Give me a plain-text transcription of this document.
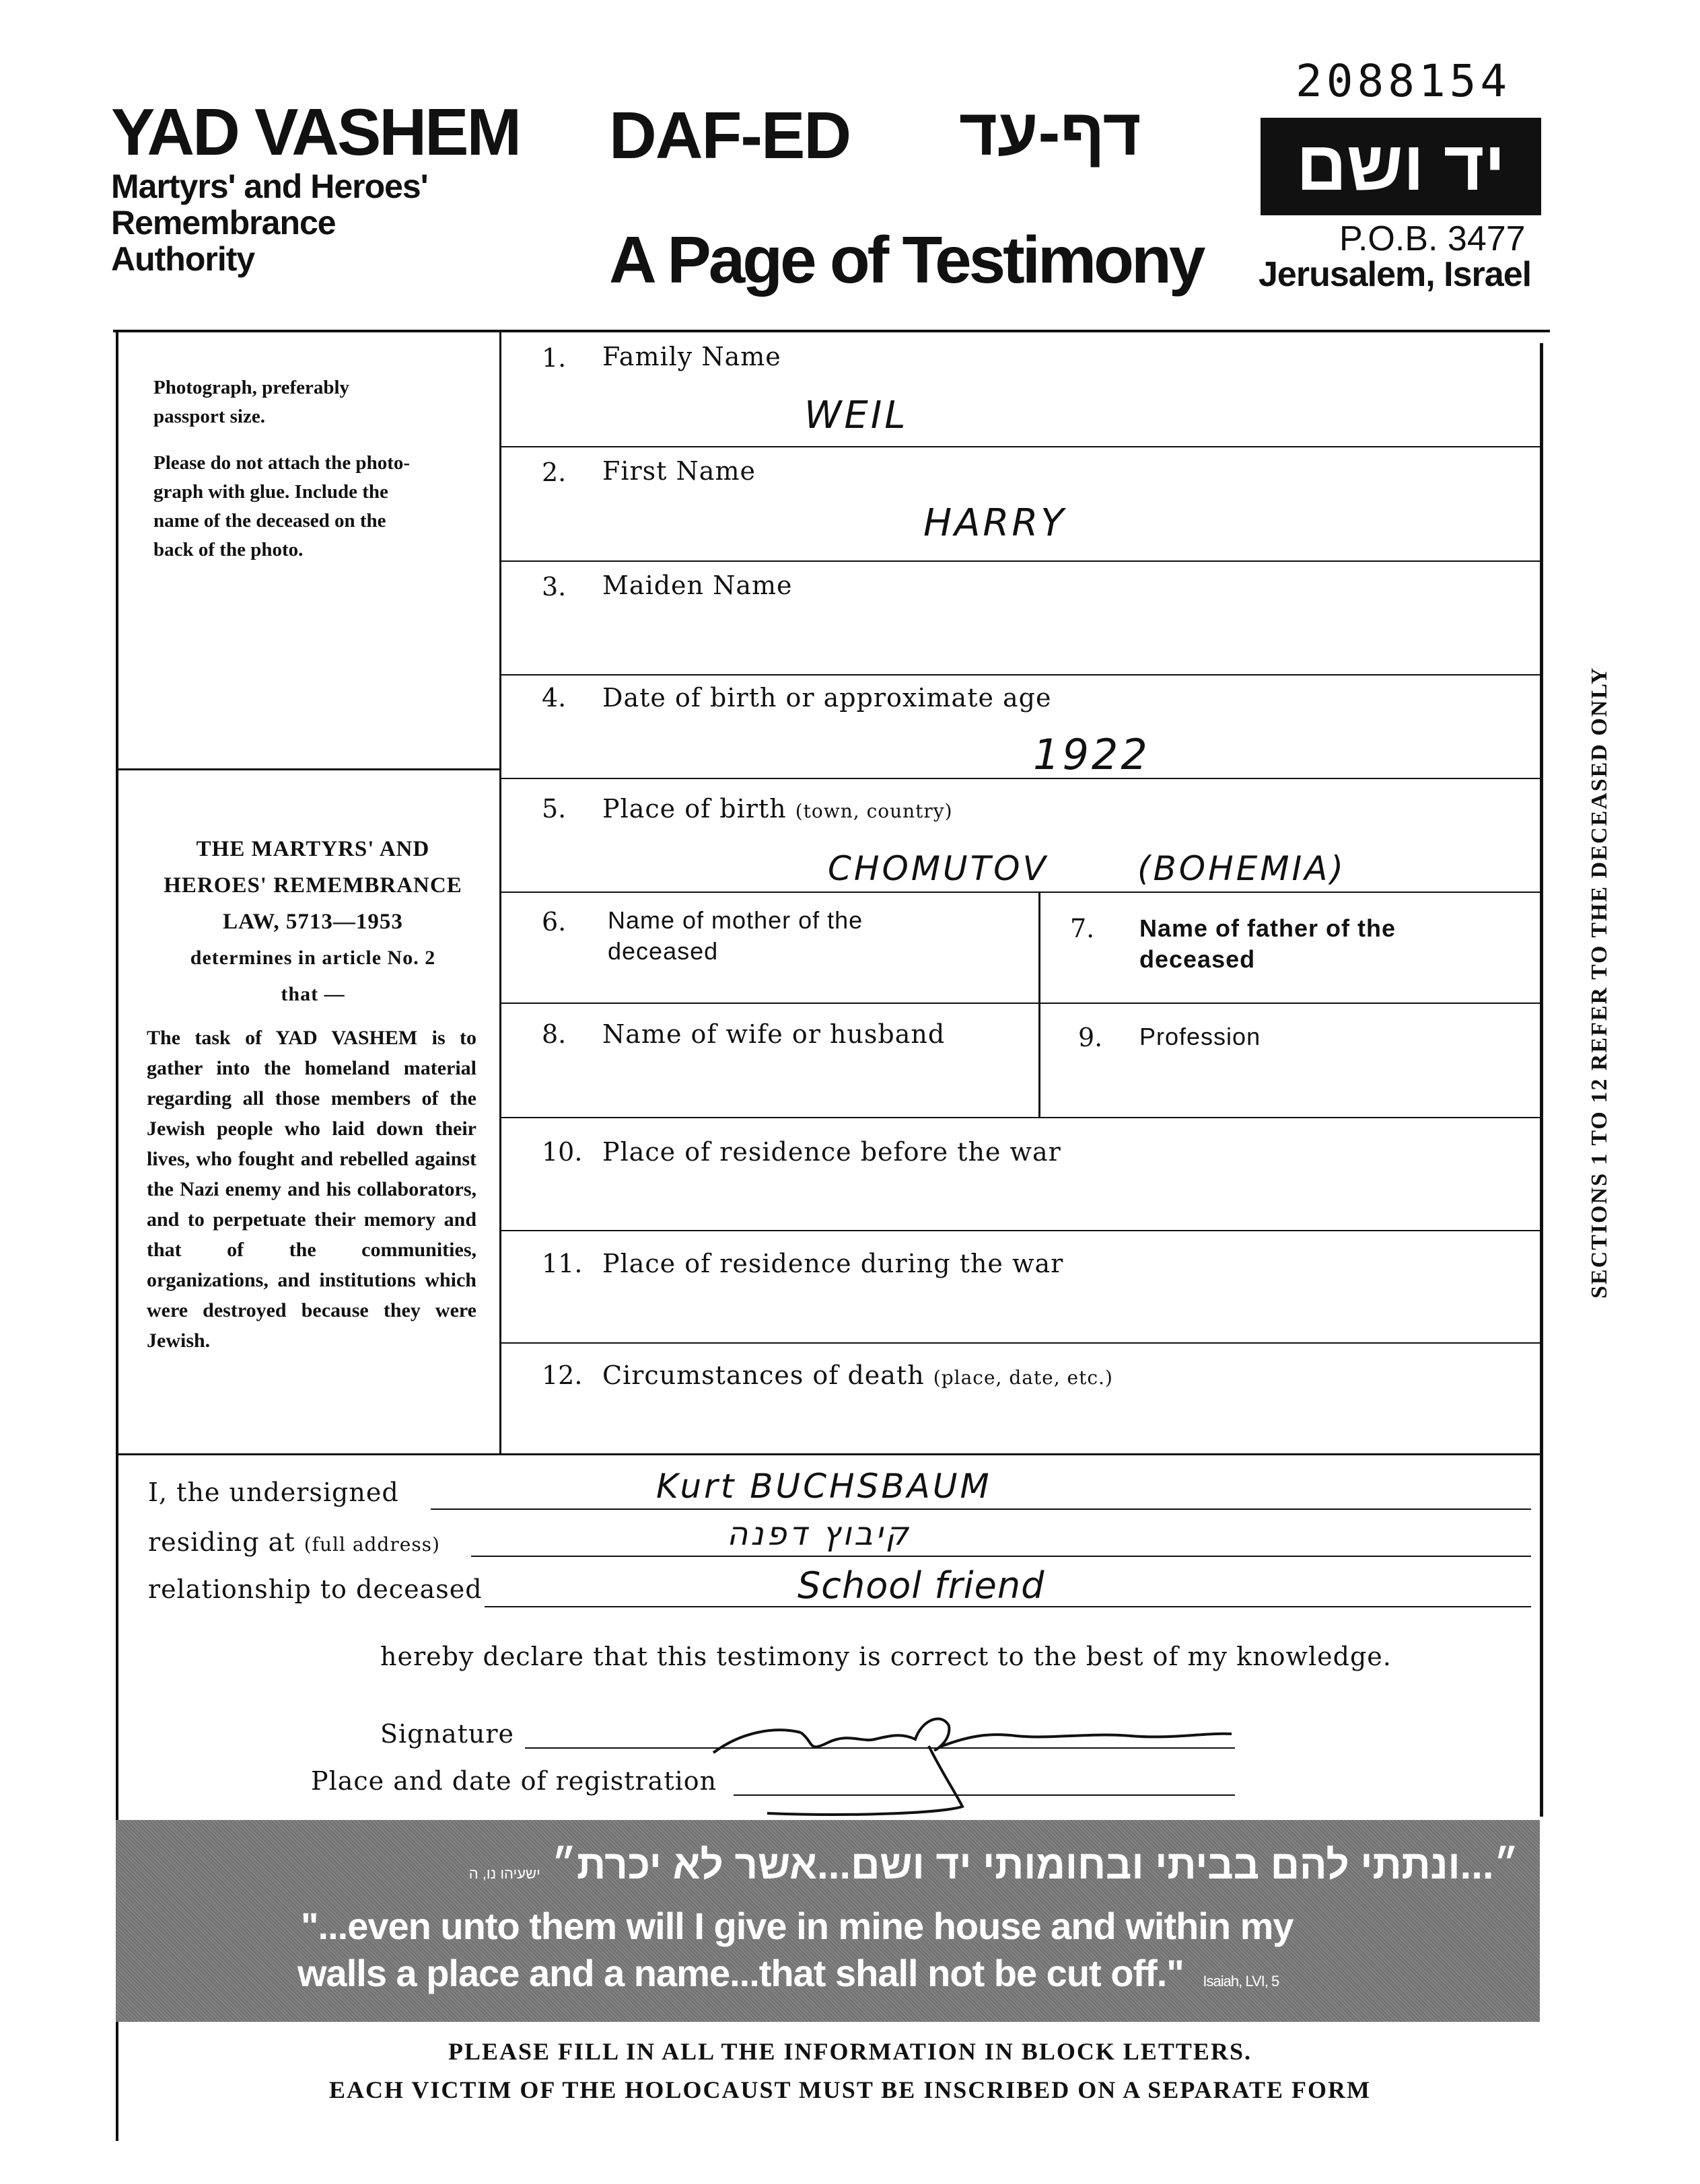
2088154
YAD VASHEM
Martyrs' and Heroes'
Remembrance
Authority
DAF-ED דף-עד
A Page of Testimony
יד ושם
P.O.B. 3477
Jerusalem, Israel
Photograph, preferably
passport size.
Please do not attach the photo-
graph with glue. Include the
name of the deceased on the
back of the photo.
THE MARTYRS' AND
HEROES' REMEMBRANCE
LAW, 5713—1953
determines in article No. 2
that —
The task of YAD VASHEM is to gather into the homeland material regarding all those members of the Jewish people who laid down their lives, who fought and rebelled against the Nazi enemy and his collaborators, and to perpetuate their memory and that of the communities, organizations, and institutions which were destroyed because they were Jewish.
1. Family Name
WEIL
2. First Name
HARRY
3. Maiden Name
4. Date of birth or approximate age
1922
5. Place of birth (town, country)
CHOMUTOV	(BOHEMIA)
6. Name of mother of the
deceased
7. Name of father of the
deceased
8. Name of wife or husband	9. Profession
10. Place of residence before the war
11. Place of residence during the war
12. Circumstances of death (place, date, etc.)
SECTIONS 1 TO 12 REFER TO THE DECEASED ONLY
I, the undersigned	Kurt BUCHSBAUM
residing at (full address)	קיבוץ דפנה
relationship to deceased	School friend
hereby declare that this testimony is correct to the best of my knowledge.
Signature
Place and date of registration
״...ונתתי להם בביתי ובחומותי יד ושם...אשר לא יכרת״ ישעיהו נו, ה
"...even unto them will I give in mine house and within my
walls a place and a name...that shall not be cut off." Isaiah, LVI, 5
PLEASE FILL IN ALL THE INFORMATION IN BLOCK LETTERS.
EACH VICTIM OF THE HOLOCAUST MUST BE INSCRIBED ON A SEPARATE FORM
